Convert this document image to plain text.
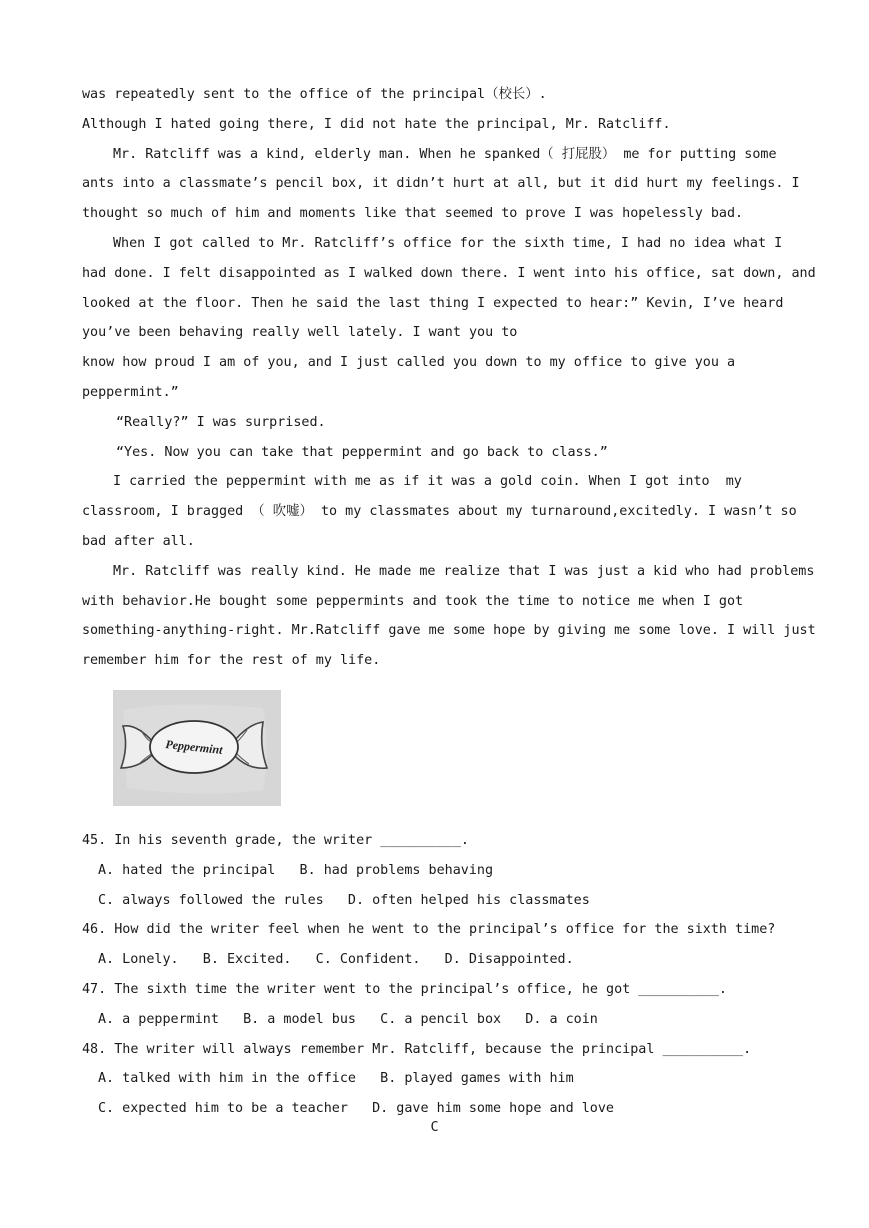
was repeatedly sent to the office of the principal（校长）.
Although I hated going there, I did not hate the principal, Mr. Ratcliff.
Mr. Ratcliff was a kind, elderly man. When he spanked（ 打屁股） me for putting some
ants into a classmate’s pencil box, it didn’t hurt at all, but it did hurt my feelings. I
thought so much of him and moments like that seemed to prove I was hopelessly bad.
When I got called to Mr. Ratcliff’s office for the sixth time, I had no idea what I
had done. I felt disappointed as I walked down there. I went into his office, sat down, and
looked at the floor. Then he said the last thing I expected to hear:” Kevin, I’ve heard
you’ve been behaving really well lately. I want you to
know how proud I am of you, and I just called you down to my office to give you a
peppermint.”
“Really?” I was surprised.
“Yes. Now you can take that peppermint and go back to class.”
I carried the peppermint with me as if it was a gold coin. When I got into  my
classroom, I bragged （ 吹嘘） to my classmates about my turnaround,excitedly. I wasn’t so
bad after all.
Mr. Ratcliff was really kind. He made me realize that I was just a kid who had problems
with behavior.He bought some peppermints and took the time to notice me when I got
something-anything-right. Mr.Ratcliff gave me some hope by giving me some love. I will just
remember him for the rest of my life.
Peppermint
45. In his seventh grade, the writer __________.
A. hated the principal   B. had problems behaving
C. always followed the rules   D. often helped his classmates
46. How did the writer feel when he went to the principal’s office for the sixth time?
A. Lonely.   B. Excited.   C. Confident.   D. Disappointed.
47. The sixth time the writer went to the principal’s office, he got __________.
A. a peppermint   B. a model bus   C. a pencil box   D. a coin
48. The writer will always remember Mr. Ratcliff, because the principal __________.
A. talked with him in the office   B. played games with him
C. expected him to be a teacher   D. gave him some hope and love
C
